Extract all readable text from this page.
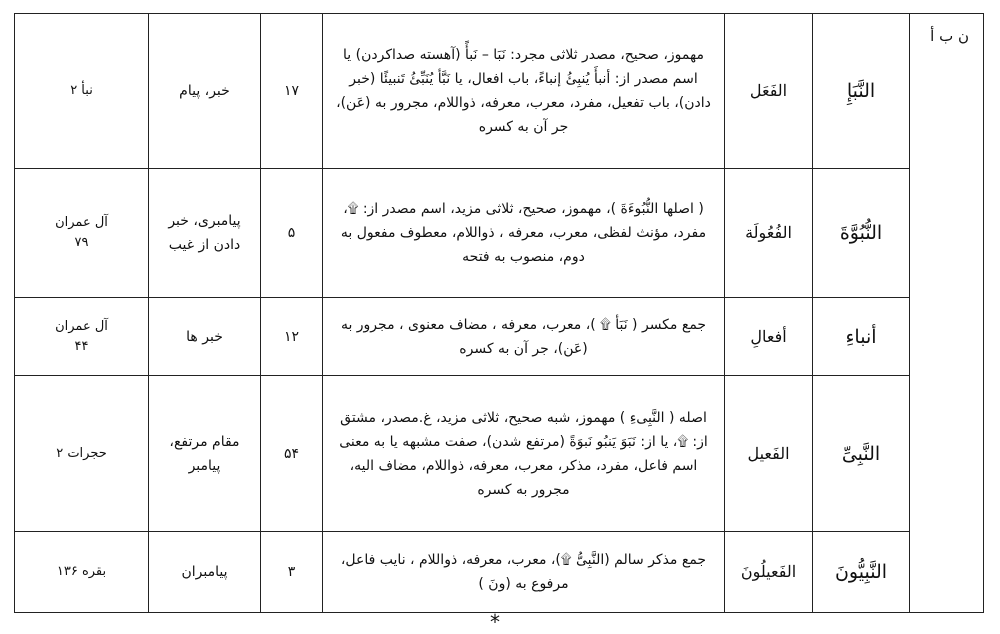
ن ب أ	النَّبَإِ	الفَعَل	مهموز، صحیح، مصدر ثلاثی مجرد: نَبَا – نَبأً (آهسته صداکردن) یا اسم مصدر از: أنبأَ یُنبِئُ إنباءً، باب افعال، یا نَبَّأ یُنَبِّئُ تَنبیئًا (خبر دادن)، باب تفعیل، مفرد، معرب، معرفه، ذواللام، مجرور به (عَن)، جر آن به کسره	۱۷	خبر، پیام	نبأ ۲

	النُّبُوَّةَ	الفُعُولَة	( اصلها النُّبُوءَةَ )، مهموز، صحیح، ثلاثی مزید، اسم مصدر از: ۩، مفرد، مؤنث لفظی، معرب، معرفه ، ذواللام، معطوف مفعول به دوم، منصوب به فتحه	۵	پیامبری، خبر دادن از غیب	آل عمران
۷۹

	أنباءِ	أفعالِ	جمع مکسر ( نَبَأ ۩ )، معرب، معرفه ، مضاف معنوی ، مجرور به (عَن)، جر آن به کسره	۱۲	خبر ها	آل عمران
۴۴

	النَّبِیِّ	الفَعیل	اصله ( النَّبِیءِ ) مهموز، شبه صحیح، ثلاثی مزید، غ.مصدر، مشتق از: ۩، یا از: نَبَوَ یَنبُو نَبوَةً (مرتفع شدن)، صفت مشبهه یا به معنی اسم فاعل، مفرد، مذکر، معرب، معرفه، ذواللام، مضاف الیه، مجرور به کسره	۵۴	مقام مرتفع، پیامبر	حجرات ۲

	النَّبِیُّونَ	الفَعیلُونَ	جمع مذکر سالم (النَّبِیُّ ۩)، معرب، معرفه، ذواللام ، نایب فاعل، مرفوع به (ونَ )	۳	پیامبران	بقره ۱۳۶
*
